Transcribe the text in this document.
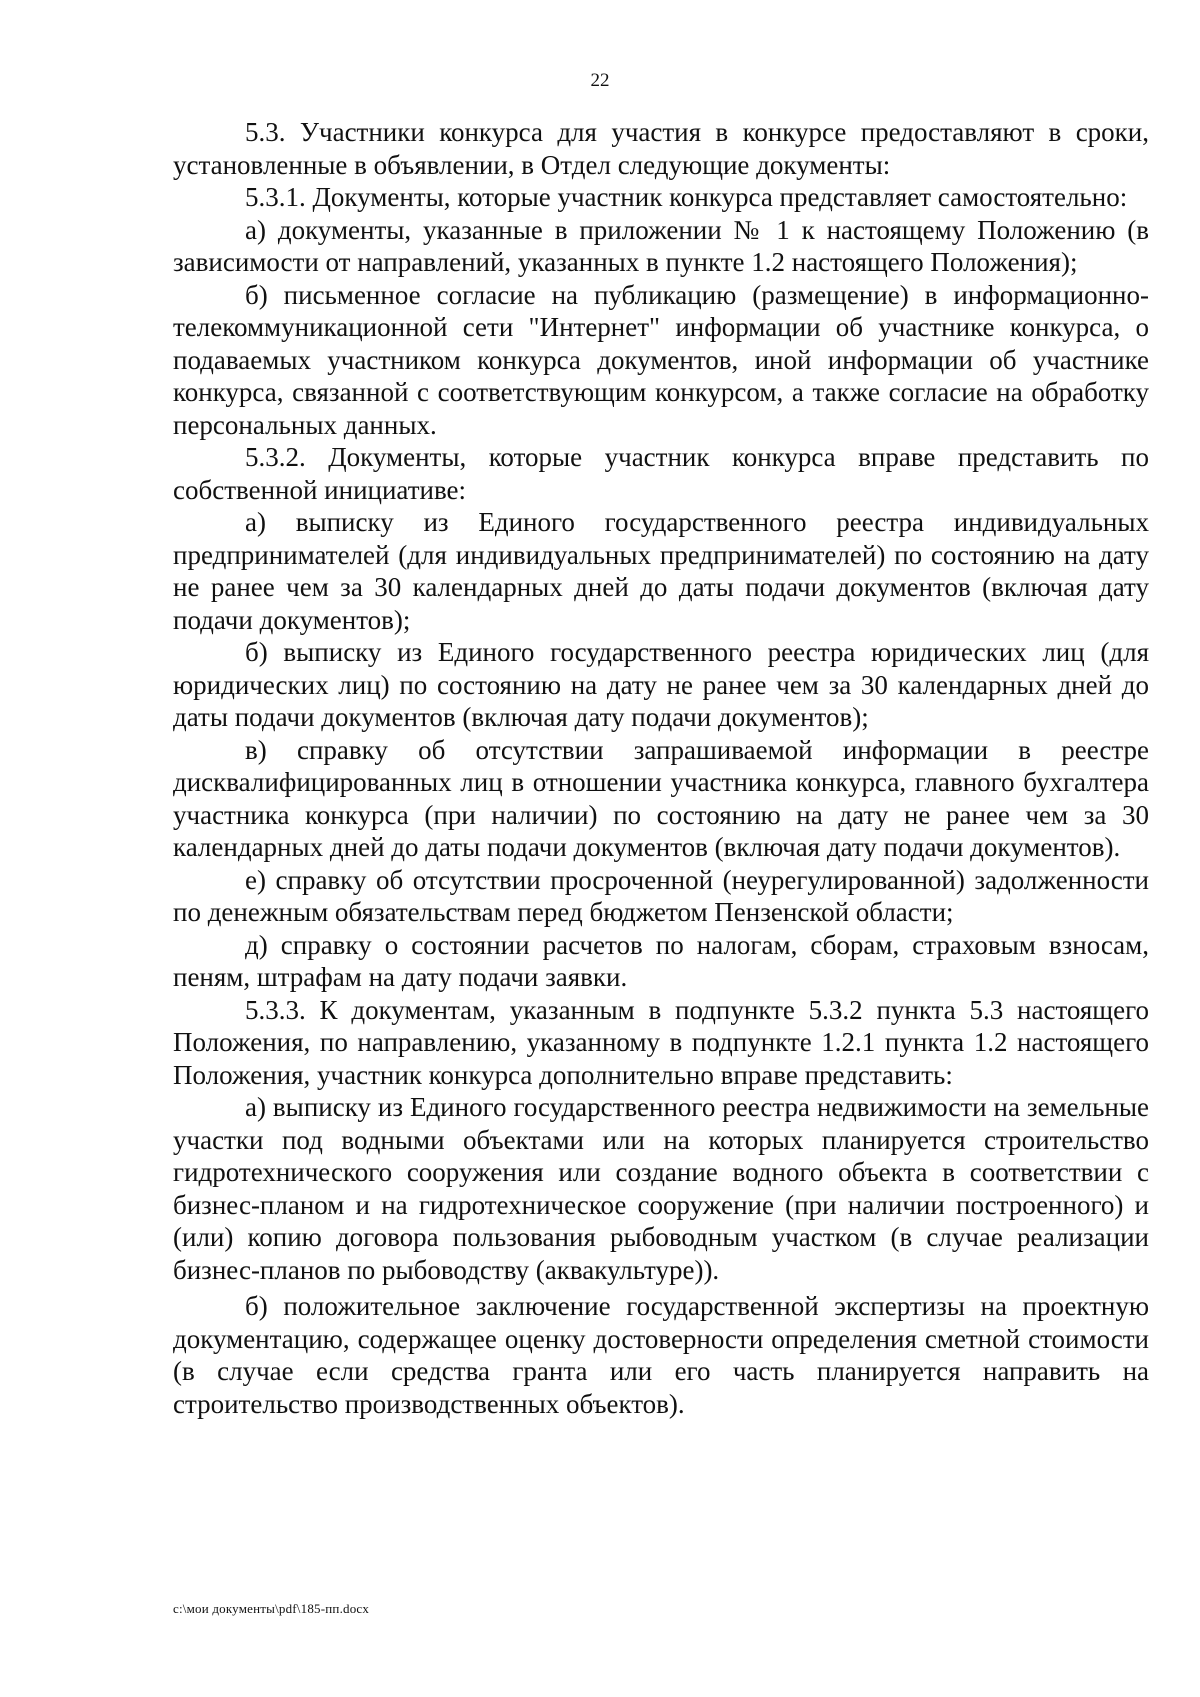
22

5.3. Участники конкурса для участия в конкурсе предоставляют в сроки, установленные в объявлении, в Отдел следующие документы:

5.3.1. Документы, которые участник конкурса представляет самостоятельно:

а) документы, указанные в приложении № 1 к настоящему Положению (в зависимости от направлений, указанных в пункте 1.2 настоящего Положения);

б) письменное согласие на публикацию (размещение) в информационно-телекоммуникационной сети "Интернет" информации об участнике конкурса, о подаваемых участником конкурса документов, иной информации об участнике конкурса, связанной с соответствующим конкурсом, а также согласие на обработку персональных данных.

5.3.2. Документы, которые участник конкурса вправе представить по собственной инициативе:

а) выписку из Единого государственного реестра индивидуальных предпринимателей (для индивидуальных предпринимателей) по состоянию на дату не ранее чем за 30 календарных дней до даты подачи документов (включая дату подачи документов);

б) выписку из Единого государственного реестра юридических лиц (для юридических лиц) по состоянию на дату не ранее чем за 30 календарных дней до даты подачи документов (включая дату подачи документов);

в) справку об отсутствии запрашиваемой информации в реестре дисквалифицированных лиц в отношении участника конкурса, главного бухгалтера участника конкурса (при наличии) по состоянию на дату не ранее чем за 30 календарных дней до даты подачи документов (включая дату подачи документов).

е) справку об отсутствии просроченной (неурегулированной) задолженности по денежным обязательствам перед бюджетом Пензенской области;

д) справку о состоянии расчетов по налогам, сборам, страховым взносам, пеням, штрафам на дату подачи заявки.

5.3.3. К документам, указанным в подпункте 5.3.2 пункта 5.3 настоящего Положения, по направлению, указанному в подпункте 1.2.1 пункта 1.2 настоящего Положения, участник конкурса дополнительно вправе представить:

а) выписку из Единого государственного реестра недвижимости на земельные участки под водными объектами или на которых планируется строительство гидротехнического сооружения или создание водного объекта в соответствии с бизнес-планом и на гидротехническое сооружение (при наличии построенного) и (или) копию договора пользования рыбоводным участком (в случае реализации бизнес-планов по рыбоводству (аквакультуре)).

б) положительное заключение государственной экспертизы на проектную документацию, содержащее оценку достоверности определения сметной стоимости (в случае если средства гранта или его часть планируется направить на строительство производственных объектов).

c:\мои документы\pdf\185-пп.docx
